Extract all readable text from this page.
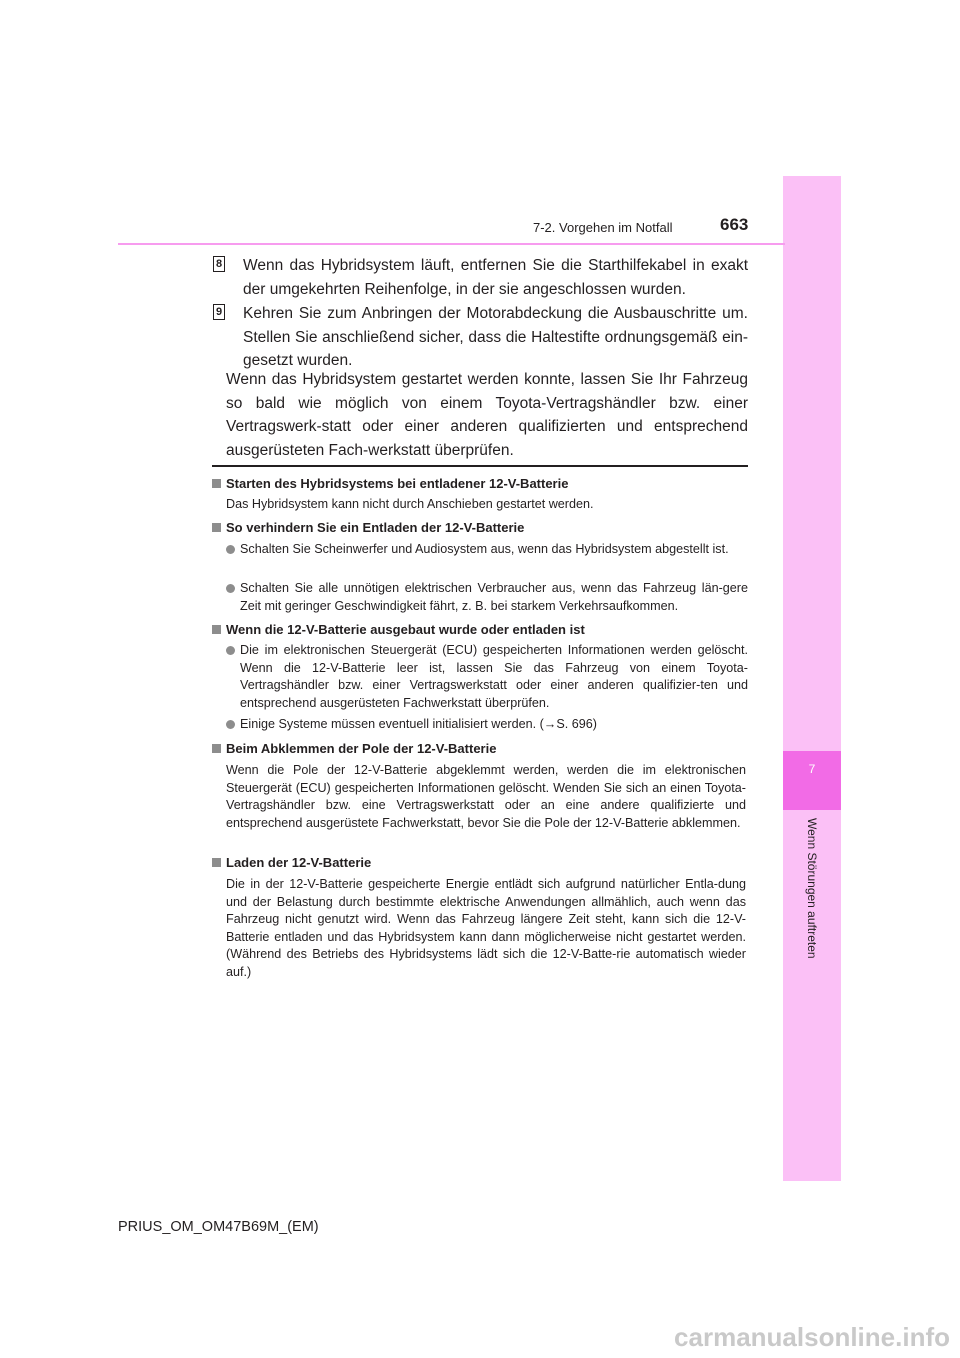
7
Wenn Störungen auftreten
7-2. Vorgehen im Notfall	663
8 Wenn das Hybridsystem läuft, entfernen Sie die Starthilfekabel in exakt der umgekehrten Reihenfolge, in der sie angeschlossen wurden.
9 Kehren Sie zum Anbringen der Motorabdeckung die Ausbauschritte um. Stellen Sie anschließend sicher, dass die Haltestifte ordnungsgemäß ein-gesetzt wurden.
Wenn das Hybridsystem gestartet werden konnte, lassen Sie Ihr Fahrzeug so bald wie möglich von einem Toyota-Vertragshändler bzw. einer Vertragswerk-statt oder einer anderen qualifizierten und entsprechend ausgerüsteten Fach-werkstatt überprüfen.
Starten des Hybridsystems bei entladener 12-V-Batterie
Das Hybridsystem kann nicht durch Anschieben gestartet werden.
So verhindern Sie ein Entladen der 12-V-Batterie
Schalten Sie Scheinwerfer und Audiosystem aus, wenn das Hybridsystem abgestellt ist.
Schalten Sie alle unnötigen elektrischen Verbraucher aus, wenn das Fahrzeug län-gere Zeit mit geringer Geschwindigkeit fährt, z. B. bei starkem Verkehrsaufkommen.
Wenn die 12-V-Batterie ausgebaut wurde oder entladen ist
Die im elektronischen Steuergerät (ECU) gespeicherten Informationen werden gelöscht. Wenn die 12-V-Batterie leer ist, lassen Sie das Fahrzeug von einem Toyota-Vertragshändler bzw. einer Vertragswerkstatt oder einer anderen qualifizier-ten und entsprechend ausgerüsteten Fachwerkstatt überprüfen.
Einige Systeme müssen eventuell initialisiert werden. (→S. 696)
Beim Abklemmen der Pole der 12-V-Batterie
Wenn die Pole der 12-V-Batterie abgeklemmt werden, werden die im elektronischen Steuergerät (ECU) gespeicherten Informationen gelöscht. Wenden Sie sich an einen Toyota-Vertragshändler bzw. eine Vertragswerkstatt oder an eine andere qualifizierte und entsprechend ausgerüstete Fachwerkstatt, bevor Sie die Pole der 12-V-Batterie abklemmen.
Laden der 12-V-Batterie
Die in der 12-V-Batterie gespeicherte Energie entlädt sich aufgrund natürlicher Entla-dung und der Belastung durch bestimmte elektrische Anwendungen allmählich, auch wenn das Fahrzeug nicht genutzt wird. Wenn das Fahrzeug längere Zeit steht, kann sich die 12-V-Batterie entladen und das Hybridsystem kann dann möglicherweise nicht gestartet werden. (Während des Betriebs des Hybridsystems lädt sich die 12-V-Batte-rie automatisch wieder auf.)
PRIUS_OM_OM47B69M_(EM)
carmanualsonline.info
